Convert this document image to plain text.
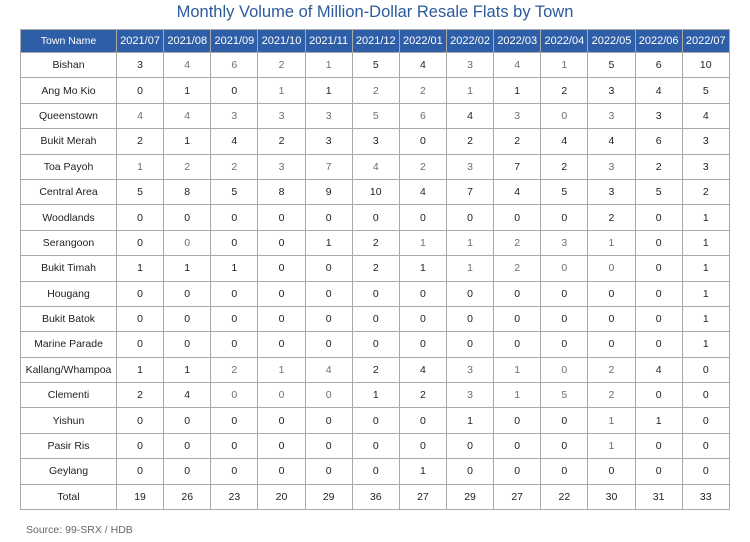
Monthly Volume of Million-Dollar Resale Flats by Town
Town Name	2021/07	2021/08	2021/09	2021/10	2021/11	2021/12	2022/01	2022/02	2022/03	2022/04	2022/05	2022/06	2022/07
Bishan	3	4	6	2	1	5	4	3	4	1	5	6	10
Ang Mo Kio	0	1	0	1	1	2	2	1	1	2	3	4	5
Queenstown	4	4	3	3	3	5	6	4	3	0	3	3	4
Bukit Merah	2	1	4	2	3	3	0	2	2	4	4	6	3
Toa Payoh	1	2	2	3	7	4	2	3	7	2	3	2	3
Central Area	5	8	5	8	9	10	4	7	4	5	3	5	2
Woodlands	0	0	0	0	0	0	0	0	0	0	2	0	1
Serangoon	0	0	0	0	1	2	1	1	2	3	1	0	1
Bukit Timah	1	1	1	0	0	2	1	1	2	0	0	0	1
Hougang	0	0	0	0	0	0	0	0	0	0	0	0	1
Bukit Batok	0	0	0	0	0	0	0	0	0	0	0	0	1
Marine Parade	0	0	0	0	0	0	0	0	0	0	0	0	1
Kallang/Whampoa	1	1	2	1	4	2	4	3	1	0	2	4	0
Clementi	2	4	0	0	0	1	2	3	1	5	2	0	0
Yishun	0	0	0	0	0	0	0	1	0	0	1	1	0
Pasir Ris	0	0	0	0	0	0	0	0	0	0	1	0	0
Geylang	0	0	0	0	0	0	1	0	0	0	0	0	0
Total	19	26	23	20	29	36	27	29	27	22	30	31	33
Source: 99-SRX / HDB
